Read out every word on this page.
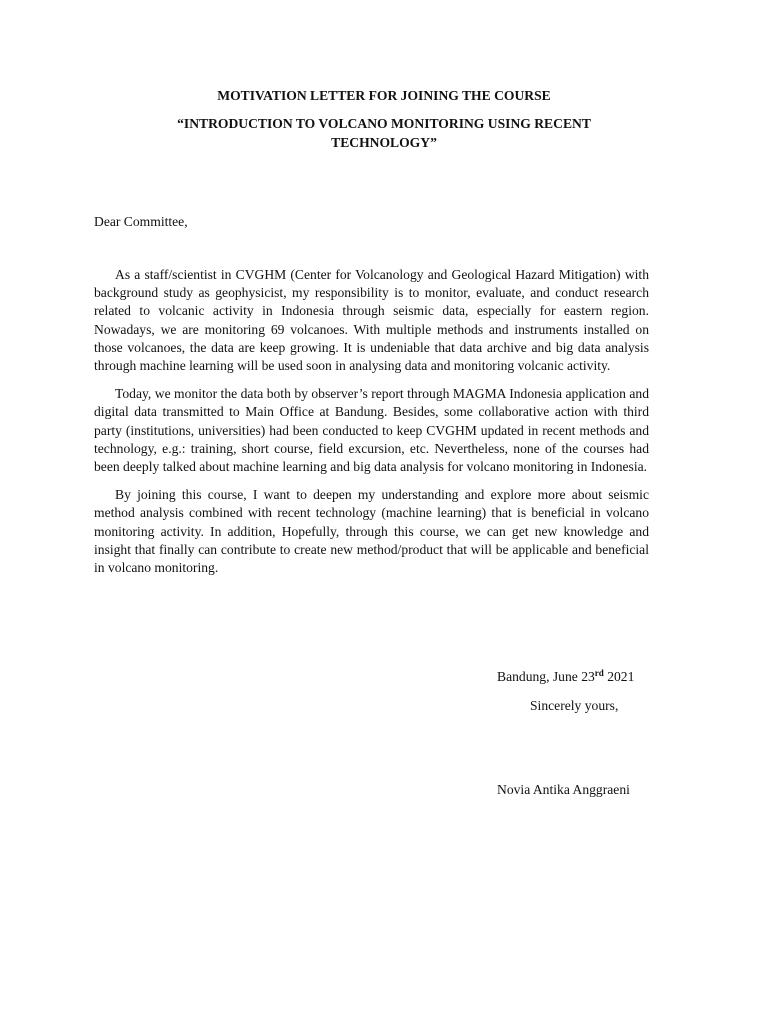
MOTIVATION LETTER FOR JOINING THE COURSE
“INTRODUCTION TO VOLCANO MONITORING USING RECENT TECHNOLOGY”

Dear Committee,

As a staff/scientist in CVGHM (Center for Volcanology and Geological Hazard Mitigation) with background study as geophysicist, my responsibility is to monitor, evaluate, and conduct research related to volcanic activity in Indonesia through seismic data, especially for eastern region. Nowadays, we are monitoring 69 volcanoes. With multiple methods and instruments installed on those volcanoes, the data are keep growing. It is undeniable that data archive and big data analysis through machine learning will be used soon in analysing data and monitoring volcanic activity.

Today, we monitor the data both by observer’s report through MAGMA Indonesia application and digital data transmitted to Main Office at Bandung. Besides, some collaborative action with third party (institutions, universities) had been conducted to keep CVGHM updated in recent methods and technology, e.g.: training, short course, field excursion, etc. Nevertheless, none of the courses had been deeply talked about machine learning and big data analysis for volcano monitoring in Indonesia.

By joining this course, I want to deepen my understanding and explore more about seismic method analysis combined with recent technology (machine learning) that is beneficial in volcano monitoring activity. In addition, Hopefully, through this course, we can get new knowledge and insight that finally can contribute to create new method/product that will be applicable and beneficial in volcano monitoring.

Bandung, June 23rd 2021

Sincerely yours,

Novia Antika Anggraeni
